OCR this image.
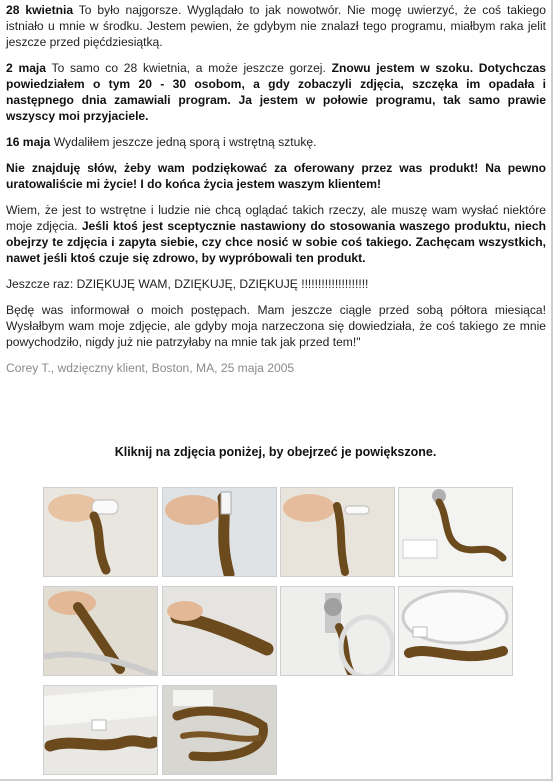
28 kwietnia To było najgorsze. Wyglądało to jak nowotwór. Nie mogę uwierzyć, że coś takiego istniało u mnie w środku. Jestem pewien, że gdybym nie znalazł tego programu, miałbym raka jelit jeszcze przed pięćdziesiątką.

2 maja To samo co 28 kwietnia, a może jeszcze gorzej. Znowu jestem w szoku. Dotychczas powiedziałem o tym 20 - 30 osobom, a gdy zobaczyli zdjęcia, szczęka im opadała i następnego dnia zamawiali program. Ja jestem w połowie programu, tak samo prawie wszyscy moi przyjaciele.

16 maja Wydaliłem jeszcze jedną sporą i wstrętną sztukę.

Nie znajduję słów, żeby wam podziękować za oferowany przez was produkt! Na pewno uratowaliście mi życie! I do końca życia jestem waszym klientem!

Wiem, że jest to wstrętne i ludzie nie chcą oglądać takich rzeczy, ale muszę wam wysłać niektóre moje zdjęcia. Jeśli ktoś jest sceptycznie nastawiony do stosowania waszego produktu, niech obejrzy te zdjęcia i zapyta siebie, czy chce nosić w sobie coś takiego. Zachęcam wszystkich, nawet jeśli ktoś czuje się zdrowo, by wypróbowali ten produkt.

Jeszcze raz: DZIĘKUJĘ WAM, DZIĘKUJĘ, DZIĘKUJĘ !!!!!!!!!!!!!!!!!!!!

Będę was informował o moich postępach. Mam jeszcze ciągle przed sobą półtora miesiąca! Wysłałbym wam moje zdjęcie, ale gdyby moja narzeczona się dowiedziała, że coś takiego ze mnie powychodziło, nigdy już nie patrzyłaby na mnie tak jak przed tem!"

Corey T., wdzięczny klient, Boston, MA, 25 maja 2005

Kliknij na zdjęcia poniżej, by obejrzeć je powiększone.
